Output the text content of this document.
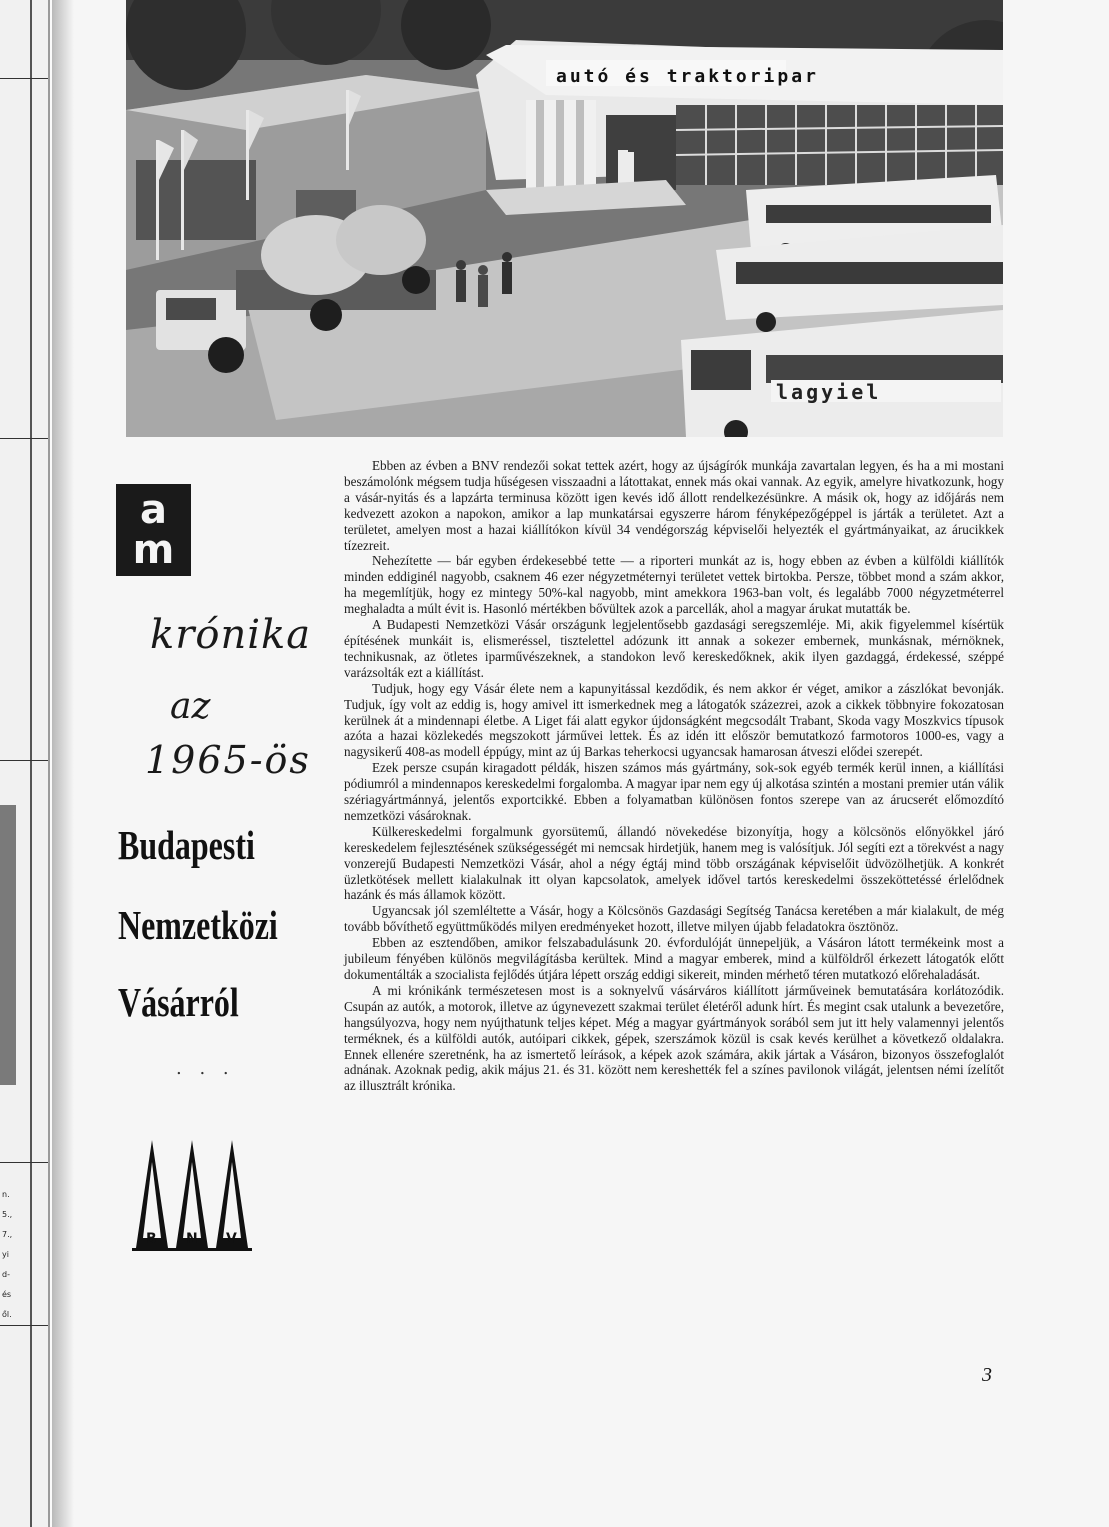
n.
5.,
7.,
yi
d-
és
ől.
autó és traktoripar
lagyiel
a
m
krónika
az
1965-ös
Budapesti
Nemzetközi
Vásárról
. . .
B N V

Ebben az évben a BNV rendezői sokat tettek azért, hogy az újságírók munkája zavartalan legyen, és ha a mi mostani beszámolónk mégsem tudja hűségesen visszaadni a látottakat, ennek más okai vannak. Az egyik, amelyre hivatkozunk, hogy a vásár-nyitás és a lapzárta terminusa között igen kevés idő állott rendelkezésünkre. A másik ok, hogy az időjárás nem kedvezett azokon a napokon, amikor a lap munkatársai egyszerre három fényképezőgéppel is járták a területet. Azt a területet, amelyen most a hazai kiállítókon kívül 34 vendégország képviselői helyezték el gyártmányaikat, az árucikkek tízezreit.

Nehezítette — bár egyben érdekesebbé tette — a riporteri munkát az is, hogy ebben az évben a külföldi kiállítók minden eddiginél nagyobb, csaknem 46 ezer négyzetméternyi területet vettek birtokba. Persze, többet mond a szám akkor, ha megemlítjük, hogy ez mintegy 50%-kal nagyobb, mint amekkora 1963-ban volt, és legalább 7000 négyzetméterrel meghaladta a múlt évit is. Hasonló mértékben bővültek azok a parcellák, ahol a magyar árukat mutatták be.

A Budapesti Nemzetközi Vásár országunk legjelentősebb gazdasági seregszemléje. Mi, akik figyelemmel kísértük építésének munkáit is, elismeréssel, tisztelettel adózunk itt annak a sokezer embernek, munkásnak, mérnöknek, technikusnak, az ötletes iparművészeknek, a standokon levő kereskedőknek, akik ilyen gazdaggá, érdekessé, széppé varázsolták ezt a kiállítást.

Tudjuk, hogy egy Vásár élete nem a kapunyitással kezdődik, és nem akkor ér véget, amikor a zászlókat bevonják. Tudjuk, így volt az eddig is, hogy amivel itt ismerkednek meg a látogatók százezrei, azok a cikkek többnyire fokozatosan kerülnek át a mindennapi életbe. A Liget fái alatt egykor újdonságként megcsodált Trabant, Skoda vagy Moszkvics típusok azóta a hazai közlekedés megszokott járművei lettek. És az idén itt először bemutatkozó farmotoros 1000-es, vagy a nagysikerű 408-as modell éppúgy, mint az új Barkas teherkocsi ugyancsak hamarosan átveszi elődei szerepét.

Ezek persze csupán kiragadott példák, hiszen számos más gyártmány, sok-sok egyéb termék kerül innen, a kiállítási pódiumról a mindennapos kereskedelmi forgalomba. A magyar ipar nem egy új alkotása szintén a mostani premier után válik szériagyártmánnyá, jelentős exportcikké. Ebben a folyamatban különösen fontos szerepe van az árucserét előmozdító nemzetközi vásároknak.

Külkereskedelmi forgalmunk gyorsütemű, állandó növekedése bizonyítja, hogy a kölcsönös előnyökkel járó kereskedelem fejlesztésének szükségességét mi nemcsak hirdetjük, hanem meg is valósítjuk. Jól segíti ezt a törekvést a nagy vonzerejű Budapesti Nemzetközi Vásár, ahol a négy égtáj mind több országának képviselőit üdvözölhetjük. A konkrét üzletkötések mellett kialakulnak itt olyan kapcsolatok, amelyek idővel tartós kereskedelmi összeköttetéssé érlelődnek hazánk és más államok között.

Ugyancsak jól szemléltette a Vásár, hogy a Kölcsönös Gazdasági Segítség Tanácsa keretében a már kialakult, de még tovább bővíthető együttműködés milyen eredményeket hozott, illetve milyen újabb feladatokra ösztönöz.

Ebben az esztendőben, amikor felszabadulásunk 20. évfordulóját ünnepeljük, a Vásáron látott termékeink most a jubileum fényében különös megvilágításba kerültek. Mind a magyar emberek, mind a külföldről érkezett látogatók előtt dokumentálták a szocialista fejlődés útjára lépett ország eddigi sikereit, minden mérhető téren mutatkozó előrehaladását.

A mi krónikánk természetesen most is a soknyelvű vásárváros kiállított járműveinek bemutatására korlátozódik. Csupán az autók, a motorok, illetve az úgynevezett szakmai terület életéről adunk hírt. És megint csak utalunk a bevezetőre, hangsúlyozva, hogy nem nyújthatunk teljes képet. Még a magyar gyártmányok sorából sem jut itt hely valamennyi jelentős terméknek, és a külföldi autók, autóipari cikkek, gépek, szerszámok közül is csak kevés kerülhet a következő oldalakra. Ennek ellenére szeretnénk, ha az ismertető leírások, a képek azok számára, akik jártak a Vásáron, bizonyos összefoglalót adnának. Azoknak pedig, akik május 21. és 31. között nem kereshették fel a színes pavilonok világát, jelentsen némi ízelítőt az illusztrált krónika.

3
